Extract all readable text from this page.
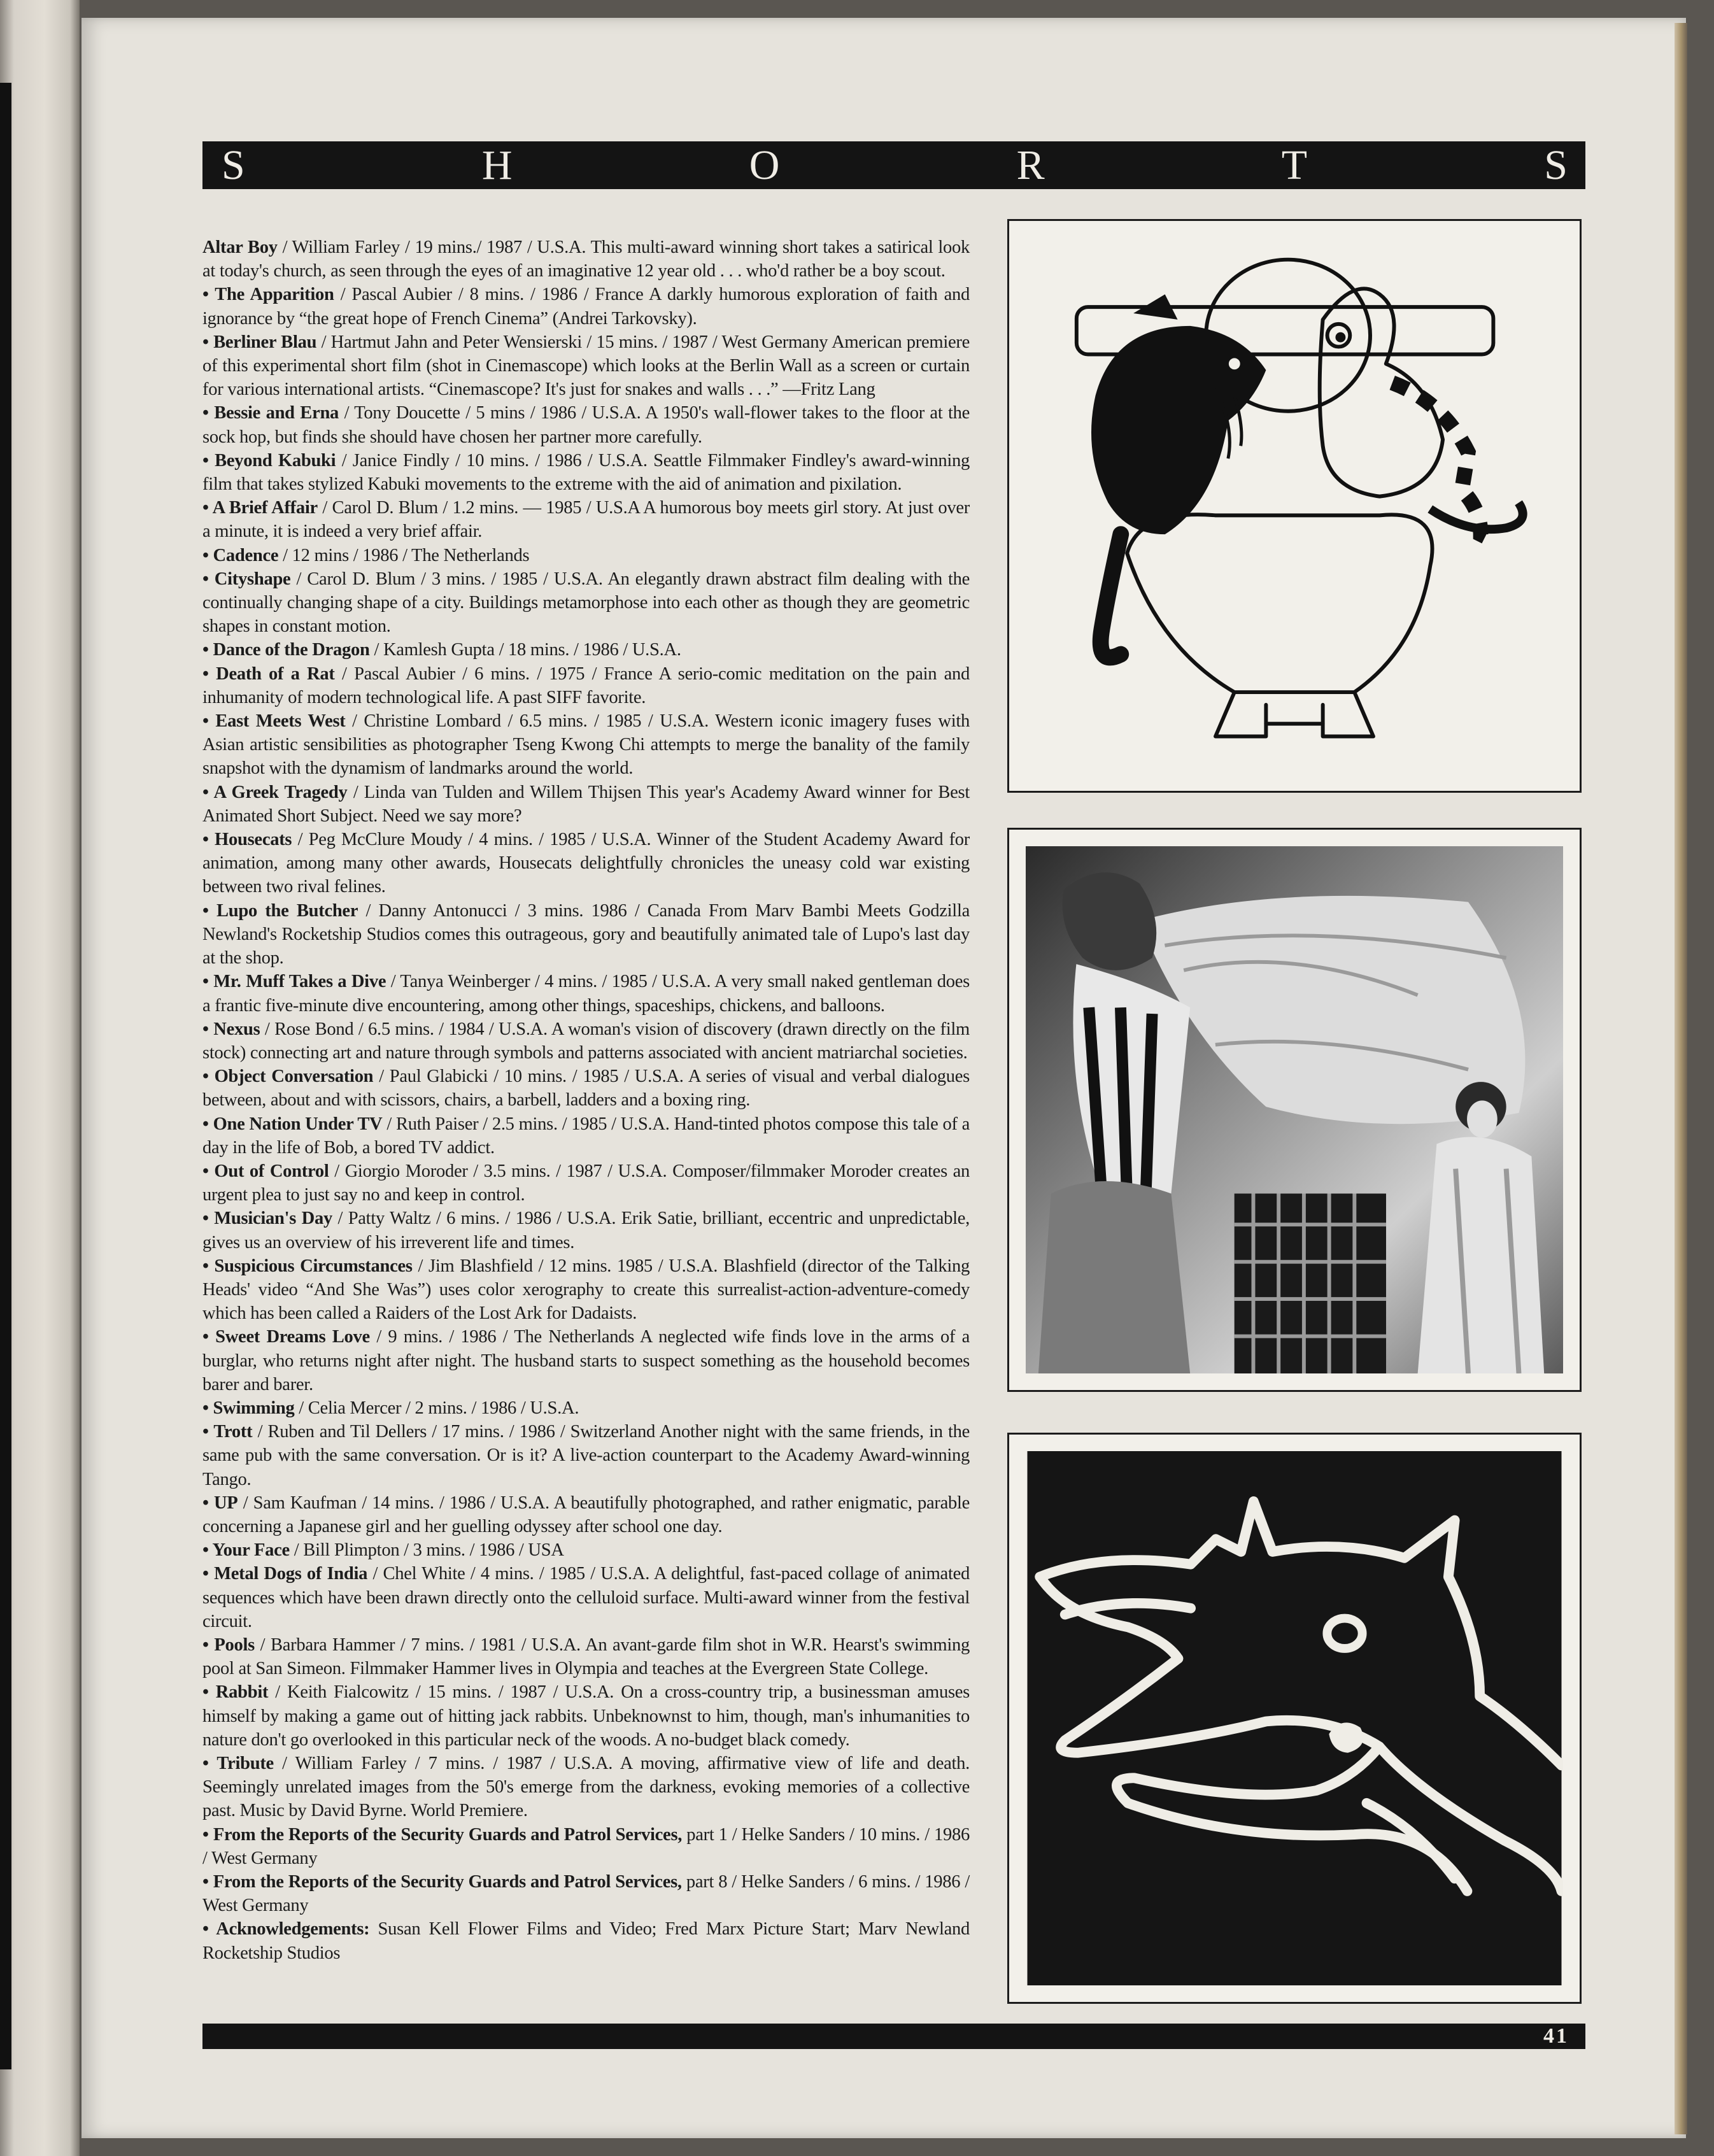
S	H	O	R	T	S

Altar Boy / William Farley / 19 mins./ 1987 / U.S.A. This multi-award winning short takes a satirical look at today's church, as seen through the eyes of an imaginative 12 year old . . . who'd rather be a boy scout.

• The Apparition / Pascal Aubier / 8 mins. / 1986 / France A darkly humorous exploration of faith and ignorance by “the great hope of French Cinema” (Andrei Tarkovsky).

• Berliner Blau / Hartmut Jahn and Peter Wensierski / 15 mins. / 1987 / West Germany American premiere of this experimental short film (shot in Cinemascope) which looks at the Berlin Wall as a screen or curtain for various international artists. “Cinemascope? It's just for snakes and walls . . .” —Fritz Lang

• Bessie and Erna / Tony Doucette / 5 mins / 1986 / U.S.A. A 1950's wall-flower takes to the floor at the sock hop, but finds she should have chosen her partner more carefully.

• Beyond Kabuki / Janice Findly / 10 mins. / 1986 / U.S.A. Seattle Filmmaker Findley's award-winning film that takes stylized Kabuki movements to the extreme with the aid of animation and pixilation.

• A Brief Affair / Carol D. Blum / 1.2 mins. — 1985 / U.S.A A humorous boy meets girl story. At just over a minute, it is indeed a very brief affair.

• Cadence / 12 mins / 1986 / The Netherlands

• Cityshape / Carol D. Blum / 3 mins. / 1985 / U.S.A. An elegantly drawn abstract film dealing with the continually changing shape of a city. Buildings metamorphose into each other as though they are geometric shapes in constant motion.

• Dance of the Dragon / Kamlesh Gupta / 18 mins. / 1986 / U.S.A.

• Death of a Rat / Pascal Aubier / 6 mins. / 1975 / France A serio-comic meditation on the pain and inhumanity of modern technological life. A past SIFF favorite.

• East Meets West / Christine Lombard / 6.5 mins. / 1985 / U.S.A. Western iconic imagery fuses with Asian artistic sensibilities as photographer Tseng Kwong Chi attempts to merge the banality of the family snapshot with the dynamism of landmarks around the world.

• A Greek Tragedy / Linda van Tulden and Willem Thijsen This year's Academy Award winner for Best Animated Short Subject. Need we say more?

• Housecats / Peg McClure Moudy / 4 mins. / 1985 / U.S.A. Winner of the Student Academy Award for animation, among many other awards, Housecats delightfully chronicles the uneasy cold war existing between two rival felines.

• Lupo the Butcher / Danny Antonucci / 3 mins. 1986 / Canada From Marv Bambi Meets Godzilla Newland's Rocketship Studios comes this outrageous, gory and beautifully animated tale of Lupo's last day at the shop.

• Mr. Muff Takes a Dive / Tanya Weinberger / 4 mins. / 1985 / U.S.A. A very small naked gentleman does a frantic five-minute dive encountering, among other things, spaceships, chickens, and balloons.

• Nexus / Rose Bond / 6.5 mins. / 1984 / U.S.A. A woman's vision of discovery (drawn directly on the film stock) connecting art and nature through symbols and patterns associated with ancient matriarchal societies.

• Object Conversation / Paul Glabicki / 10 mins. / 1985 / U.S.A. A series of visual and verbal dialogues between, about and with scissors, chairs, a barbell, ladders and a boxing ring.

• One Nation Under TV / Ruth Paiser / 2.5 mins. / 1985 / U.S.A. Hand-tinted photos compose this tale of a day in the life of Bob, a bored TV addict.

• Out of Control / Giorgio Moroder / 3.5 mins. / 1987 / U.S.A. Composer/filmmaker Moroder creates an urgent plea to just say no and keep in control.

• Musician's Day / Patty Waltz / 6 mins. / 1986 / U.S.A. Erik Satie, brilliant, eccentric and unpredictable, gives us an overview of his irreverent life and times.

• Suspicious Circumstances / Jim Blashfield / 12 mins. 1985 / U.S.A. Blashfield (director of the Talking Heads' video “And She Was”) uses color xerography to create this surrealist-action-adventure-comedy which has been called a Raiders of the Lost Ark for Dadaists.

• Sweet Dreams Love / 9 mins. / 1986 / The Netherlands A neglected wife finds love in the arms of a burglar, who returns night after night. The husband starts to suspect something as the household becomes barer and barer.

• Swimming / Celia Mercer / 2 mins. / 1986 / U.S.A.

• Trott / Ruben and Til Dellers / 17 mins. / 1986 / Switzerland Another night with the same friends, in the same pub with the same conversation. Or is it? A live-action counterpart to the Academy Award-winning Tango.

• UP / Sam Kaufman / 14 mins. / 1986 / U.S.A. A beautifully photographed, and rather enigmatic, parable concerning a Japanese girl and her guelling odyssey after school one day.

• Your Face / Bill Plimpton / 3 mins. / 1986 / USA

• Metal Dogs of India / Chel White / 4 mins. / 1985 / U.S.A. A delightful, fast-paced collage of animated sequences which have been drawn directly onto the celluloid surface. Multi-award winner from the festival circuit.

• Pools / Barbara Hammer / 7 mins. / 1981 / U.S.A. An avant-garde film shot in W.R. Hearst's swimming pool at San Simeon. Filmmaker Hammer lives in Olympia and teaches at the Evergreen State College.

• Rabbit / Keith Fialcowitz / 15 mins. / 1987 / U.S.A. On a cross-country trip, a businessman amuses himself by making a game out of hitting jack rabbits. Unbeknownst to him, though, man's inhumanities to nature don't go overlooked in this particular neck of the woods. A no-budget black comedy.

• Tribute / William Farley / 7 mins. / 1987 / U.S.A. A moving, affirmative view of life and death. Seemingly unrelated images from the 50's emerge from the darkness, evoking memories of a collective past. Music by David Byrne. World Premiere.

• From the Reports of the Security Guards and Patrol Services, part 1 / Helke Sanders / 10 mins. / 1986 / West Germany

• From the Reports of the Security Guards and Patrol Services, part 8 / Helke Sanders / 6 mins. / 1986 / West Germany

• Acknowledgements: Susan Kell Flower Films and Video; Fred Marx Picture Start; Marv Newland Rocketship Studios

41
